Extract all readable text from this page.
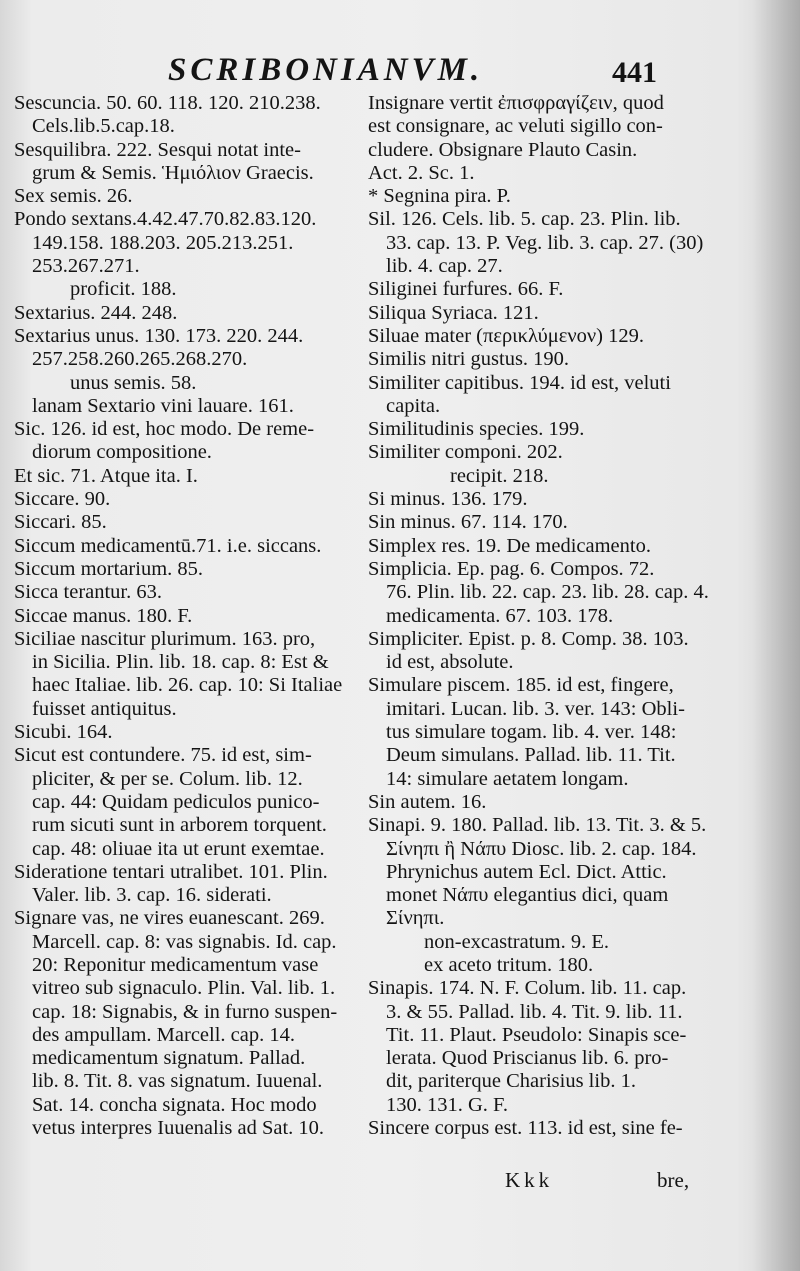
SCRIBONIANVM.	441
Sescuncia. 50. 60. 118. 120. 210.238.
Cels.lib.5.cap.18.
Sesquilibra. 222. Sesqui notat inte-
grum & Semis. Ἡμιόλιον Graecis.
Sex semis. 26.
Pondo sextans.4.42.47.70.82.83.120.
149.158. 188.203. 205.213.251.
253.267.271.
proficit. 188.
Sextarius. 244. 248.
Sextarius unus. 130. 173. 220. 244.
257.258.260.265.268.270.
unus semis. 58.
lanam Sextario vini lauare. 161.
Sic. 126. id est, hoc modo. De reme-
diorum compositione.
Et sic. 71. Atque ita. I.
Siccare. 90.
Siccari. 85.
Siccum medicamentū.71. i.e. siccans.
Siccum mortarium. 85.
Sicca terantur. 63.
Siccae manus. 180. F.
Siciliae nascitur plurimum. 163. pro,
in Sicilia. Plin. lib. 18. cap. 8: Est &
haec Italiae. lib. 26. cap. 10: Si Italiae
fuisset antiquitus.
Sicubi. 164.
Sicut est contundere. 75. id est, sim-
pliciter, & per se. Colum. lib. 12.
cap. 44: Quidam pediculos punico-
rum sicuti sunt in arborem torquent.
cap. 48: oliuae ita ut erunt exemtae.
Sideratione tentari utralibet. 101. Plin.
Valer. lib. 3. cap. 16. siderati.
Signare vas, ne vires euanescant. 269.
Marcell. cap. 8: vas signabis. Id. cap.
20: Reponitur medicamentum vase
vitreo sub signaculo. Plin. Val. lib. 1.
cap. 18: Signabis, & in furno suspen-
des ampullam. Marcell. cap. 14.
medicamentum signatum. Pallad.
lib. 8. Tit. 8. vas signatum. Iuuenal.
Sat. 14. concha signata. Hoc modo
vetus interpres Iuuenalis ad Sat. 10.
Insignare vertit ἐπισφραγίζειν, quod
est consignare, ac veluti sigillo con-
cludere. Obsignare Plauto Casin.
Act. 2. Sc. 1.
* Segnina pira. P.
Sil. 126. Cels. lib. 5. cap. 23. Plin. lib.
33. cap. 13. P. Veg. lib. 3. cap. 27. (30)
lib. 4. cap. 27.
Siliginei furfures. 66. F.
Siliqua Syriaca. 121.
Siluae mater (περικλύμενον) 129.
Similis nitri gustus. 190.
Similiter capitibus. 194. id est, veluti
capita.
Similitudinis species. 199.
Similiter componi. 202.
recipit. 218.
Si minus. 136. 179.
Sin minus. 67. 114. 170.
Simplex res. 19. De medicamento.
Simplicia. Ep. pag. 6. Compos. 72.
76. Plin. lib. 22. cap. 23. lib. 28. cap. 4.
medicamenta. 67. 103. 178.
Simpliciter. Epist. p. 8. Comp. 38. 103.
id est, absolute.
Simulare piscem. 185. id est, fingere,
imitari. Lucan. lib. 3. ver. 143: Obli-
tus simulare togam. lib. 4. ver. 148:
Deum simulans. Pallad. lib. 11. Tit.
14: simulare aetatem longam.
Sin autem. 16.
Sinapi. 9. 180. Pallad. lib. 13. Tit. 3. & 5.
Σίνηπι ἢ Νάπυ Diosc. lib. 2. cap. 184.
Phrynichus autem Ecl. Dict. Attic.
monet Νάπυ elegantius dici, quam
Σίνηπι.
non-excastratum. 9. E.
ex aceto tritum. 180.
Sinapis. 174. N. F. Colum. lib. 11. cap.
3. & 55. Pallad. lib. 4. Tit. 9. lib. 11.
Tit. 11. Plaut. Pseudolo: Sinapis sce-
lerata. Quod Priscianus lib. 6. pro-
dit, pariterque Charisius lib. 1.
130. 131. G. F.
Sincere corpus est. 113. id est, sine fe-
Kkk	bre,
